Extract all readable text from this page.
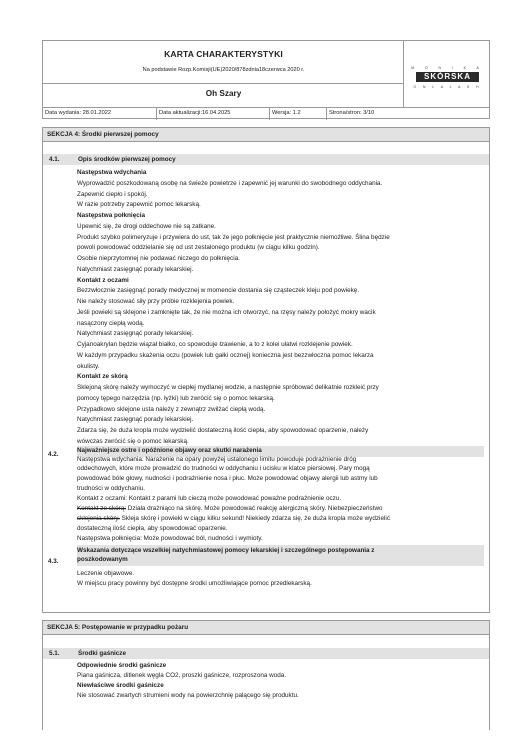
KARTA CHARAKTERYSTYKI
Na podstawie Rozp.Komisji(UE)2020/878zdnia18czerwca 2020 r.
Oh Szary
M O N I K A
SKÓRSKA
O N L A L A S H
Data wydania: 28.01.2022	Data aktualizacji:16.04.2025	Wersja: 1.2	Strona/stron: 3/10
SEKCJA 4: Środki pierwszej pomocy
4.1.	Opis środków pierwszej pomocy
Następstwa wdychania
Wyprowadzić poszkodowaną osobę na świeże powietrze i zapewnić jej warunki do swobodnego oddychania.
Zapewnić ciepło i spokój.
W razie potrzeby zapewnić pomoc lekarską.
Następstwa połknięcia
Upewnić się, że drogi oddechowe nie są zatkane.
Produkt szybko polimeryzuje i przywiera do ust, tak że jego połknięcie jest praktycznie niemożliwe. Ślina będzie
powoli powodować oddzielanie się od ust zestalonego produktu (w ciągu kilku godzin).
Osobie nieprzytomnej nie podawać niczego do połknięcia.
Natychmiast zasięgnąć porady lekarskiej.
Kontakt z oczami
Bezzwłocznie zasięgnąć porady medycznej w momencie dostania się cząsteczek kleju pod powiekę.
Nie należy stosować siły przy próbie rozklejenia powiek.
Jeśli powieki są sklejone i zamknięte tak, że nie można ich otworzyć, na rzęsy należy położyć mokry wacik
nasączony ciepłą wodą.
Natychmiast zasięgnąć porady lekarskiej.
Cyjanoakrylan będzie wiązał białko, co spowoduje łzawienie, a to z kolei ułatwi rozklejenie powiek.
W każdym przypadku skażenia oczu (powiek lub gałki ocznej) konieczna jest bezzwłoczna pomoc lekarza
okulisty.
Kontakt ze skórą
Sklejoną skórę należy wymoczyć w ciepłej mydlanej wodzie, a następnie spróbować delikatnie rozkleić przy
pomocy tępego narzędzia (np. łyżki) lub zwrócić się o pomoc lekarską.
Przypadkowo sklejone usta należy z zewnątrz zwilżać ciepłą wodą.
Natychmiast zasięgnąć porady lekarskiej.
Zdarza się, że duża kropla może wydzielić dostateczną ilość ciepła, aby spowodować oparzenie, należy
wówczas zwrócić się o pomoc lekarską.
4.2.
Najważniejsze ostre i opóźnione objawy oraz skutki narażenia
Następstwa wdychania: Narażenie na opary powyżej ustalonego limitu powoduje podrażnienie dróg
oddechowych, które może prowadzić do trudności w oddychaniu i ucisku w klatce piersiowej. Pary mogą
powodować bóle głowy, nudności i podrażnienie nosa i płuc. Może powodować objawy alergii lub astmy lub
trudności w oddychaniu.
Kontakt z oczami: Kontakt z parami lub cieczą może powodować poważne podrażnienie oczu.
Kontakt ze skórą: Działa drażniąco na skórę. Może powodować reakcję alergiczną skóry. Niebezpieczeństwo
sklejenia skóry. Skleja skórę i powieki w ciągu kilku sekund! Niekiedy zdarza się, że duża kropla może wydzielić
dostateczną ilość ciepła, aby spowodować oparzenie.
Następstwa połknięcia: Może powodować ból, nudności i wymioty.
4.3.
Wskazania dotyczące wszelkiej natychmiastowej pomocy lekarskiej i szczególnego postępowania z
poszkodowanym
Leczenie objawowe.
W miejscu pracy powinny być dostępne środki umożliwiające pomoc przedlekarską.
SEKCJA 5: Postępowanie w przypadku pożaru
5.1.	Środki gaśnicze
Odpowiednie środki gaśnicze
Piana gaśnicza, ditlenek węgla CO2, proszki gaśnicze, rozproszona woda.
Niewłaściwe środki gaśnicze
Nie stosować zwartych strumieni wody na powierzchnię palącego się produktu.
